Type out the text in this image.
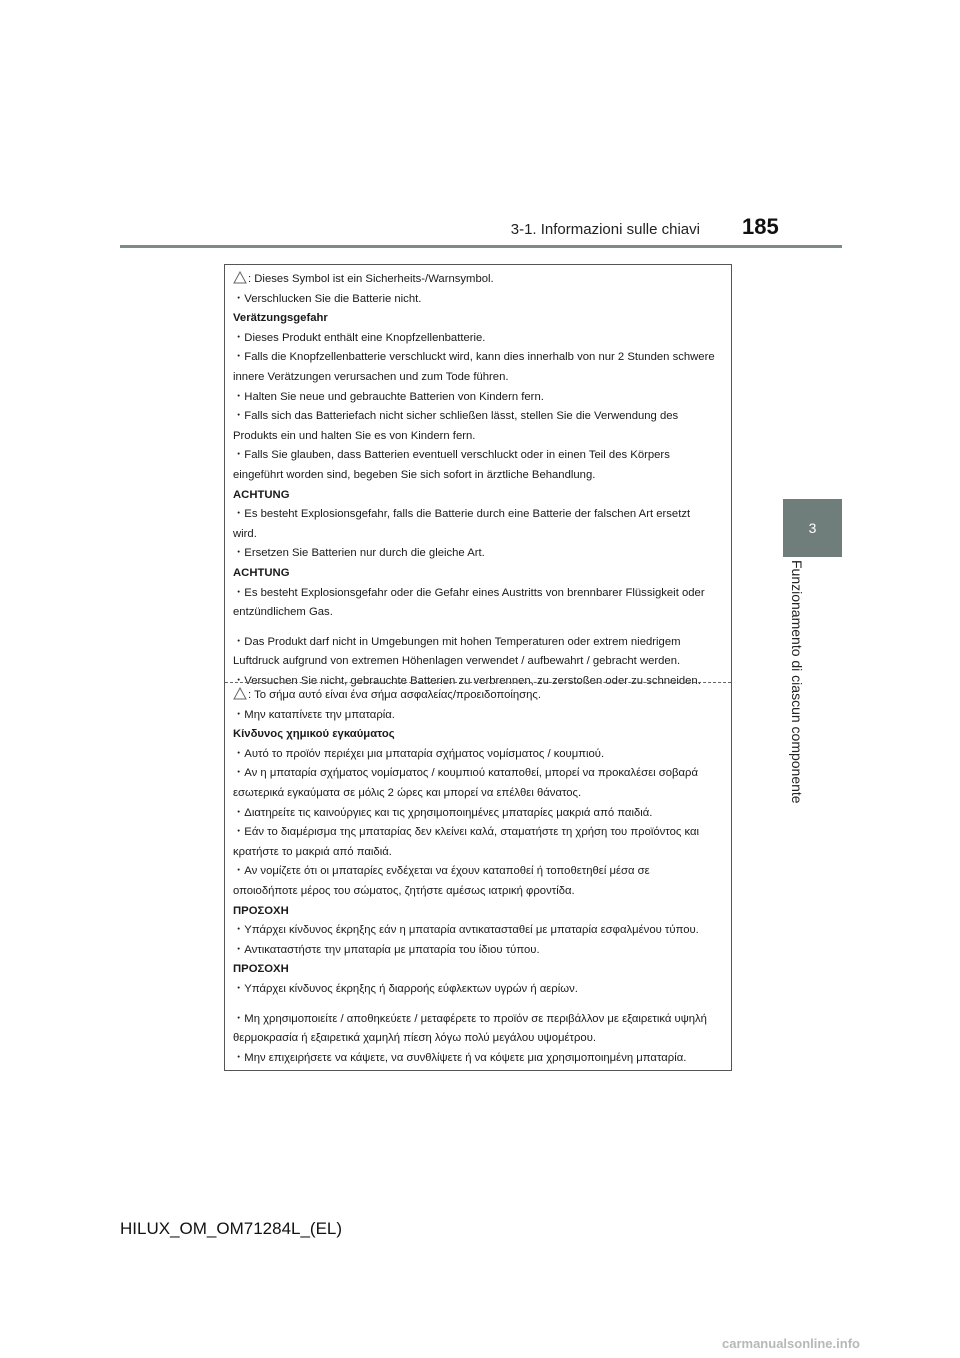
3-1. Informazioni sulle chiavi 185
3
Funzionamento di ciascun componente
: Dieses Symbol ist ein Sicherheits-/Warnsymbol.
・Verschlucken Sie die Batterie nicht.
Verätzungsgefahr
・Dieses Produkt enthält eine Knopfzellenbatterie.
・Falls die Knopfzellenbatterie verschluckt wird, kann dies innerhalb von nur 2 Stunden schwere
innere Verätzungen verursachen und zum Tode führen.
・Halten Sie neue und gebrauchte Batterien von Kindern fern.
・Falls sich das Batteriefach nicht sicher schließen lässt, stellen Sie die Verwendung des
Produkts ein und halten Sie es von Kindern fern.
・Falls Sie glauben, dass Batterien eventuell verschluckt oder in einen Teil des Körpers
eingeführt worden sind, begeben Sie sich sofort in ärztliche Behandlung.
ACHTUNG
・Es besteht Explosionsgefahr, falls die Batterie durch eine Batterie der falschen Art ersetzt
wird.
・Ersetzen Sie Batterien nur durch die gleiche Art.
ACHTUNG
・Es besteht Explosionsgefahr oder die Gefahr eines Austritts von brennbarer Flüssigkeit oder
entzündlichem Gas.
・Das Produkt darf nicht in Umgebungen mit hohen Temperaturen oder extrem niedrigem
Luftdruck aufgrund von extremen Höhenlagen verwendet / aufbewahrt / gebracht werden.
・Versuchen Sie nicht, gebrauchte Batterien zu verbrennen, zu zerstoßen oder zu schneiden.
: Το σήμα αυτό είναι ένα σήμα ασφαλείας/προειδοποίησης.
・Μην καταπίνετε την μπαταρία.
Κίνδυνος χημικού εγκαύματος
・Αυτό το προϊόν περιέχει μια μπαταρία σχήματος νομίσματος / κουμπιού.
・Αν η μπαταρία σχήματος νομίσματος / κουμπιού καταποθεί, μπορεί να προκαλέσει σοβαρά
εσωτερικά εγκαύματα σε μόλις 2 ώρες και μπορεί να επέλθει θάνατος.
・Διατηρείτε τις καινούργιες και τις χρησιμοποιημένες μπαταρίες μακριά από παιδιά.
・Εάν το διαμέρισμα της μπαταρίας δεν κλείνει καλά, σταματήστε τη χρήση του προϊόντος και
κρατήστε το μακριά από παιδιά.
・Αν νομίζετε ότι οι μπαταρίες ενδέχεται να έχουν καταποθεί ή τοποθετηθεί μέσα σε
οποιοδήποτε μέρος του σώματος, ζητήστε αμέσως ιατρική φροντίδα.
ΠΡΟΣΟΧΗ
・Υπάρχει κίνδυνος έκρηξης εάν η μπαταρία αντικατασταθεί με μπαταρία εσφαλμένου τύπου.
・Αντικαταστήστε την μπαταρία με μπαταρία του ίδιου τύπου.
ΠΡΟΣΟΧΗ
・Υπάρχει κίνδυνος έκρηξης ή διαρροής εύφλεκτων υγρών ή αερίων.
・Μη χρησιμοποιείτε / αποθηκεύετε / μεταφέρετε το προϊόν σε περιβάλλον με εξαιρετικά υψηλή
θερμοκρασία ή εξαιρετικά χαμηλή πίεση λόγω πολύ μεγάλου υψομέτρου.
・Μην επιχειρήσετε να κάψετε, να συνθλίψετε ή να κόψετε μια χρησιμοποιημένη μπαταρία.
HILUX_OM_OM71284L_(EL)
carmanualsonline.info
